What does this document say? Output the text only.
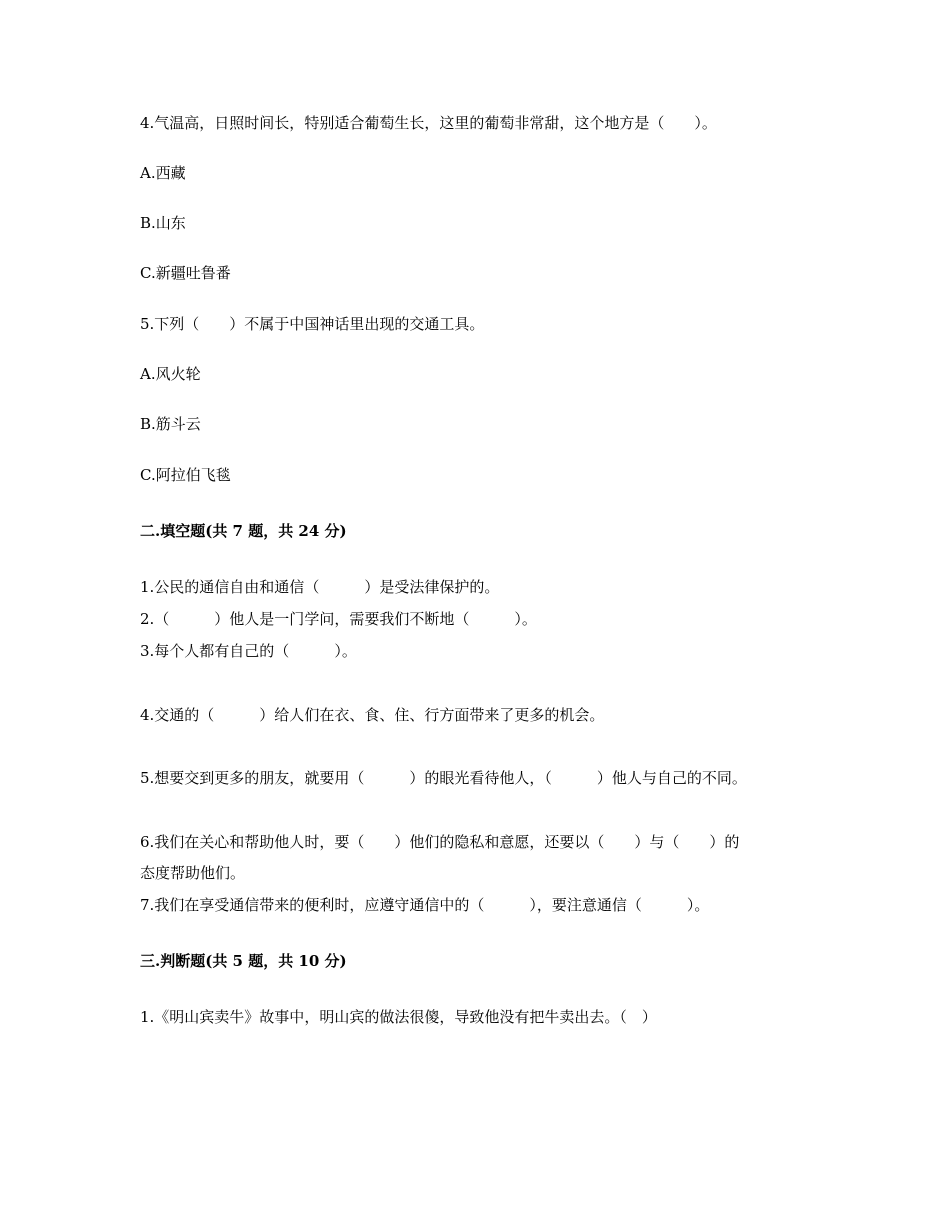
4.气温高，日照时间长，特别适合葡萄生长，这里的葡萄非常甜，这个地方是（　　）。

A.西藏

B.山东

C.新疆吐鲁番

5.下列（　　）不属于中国神话里出现的交通工具。

A.风火轮

B.筋斗云

C.阿拉伯飞毯

二.填空题(共 7 题，共 24 分)

1.公民的通信自由和通信（　　　）是受法律保护的。

2.（　　　）他人是一门学问，需要我们不断地（　　　）。

3.每个人都有自己的（　　　）。

4.交通的（　　　）给人们在衣、食、住、行方面带来了更多的机会。

5.想要交到更多的朋友，就要用（　　　）的眼光看待他人，（　　　）他人与自己的不同。

6.我们在关心和帮助他人时，要（　　）他们的隐私和意愿，还要以（　　）与（　　）的

态度帮助他们。

7.我们在享受通信带来的便利时，应遵守通信中的（　　　），要注意通信（　　　）。

三.判断题(共 5 题，共 10 分)

1.《明山宾卖牛》故事中，明山宾的做法很傻，导致他没有把牛卖出去。（　）
